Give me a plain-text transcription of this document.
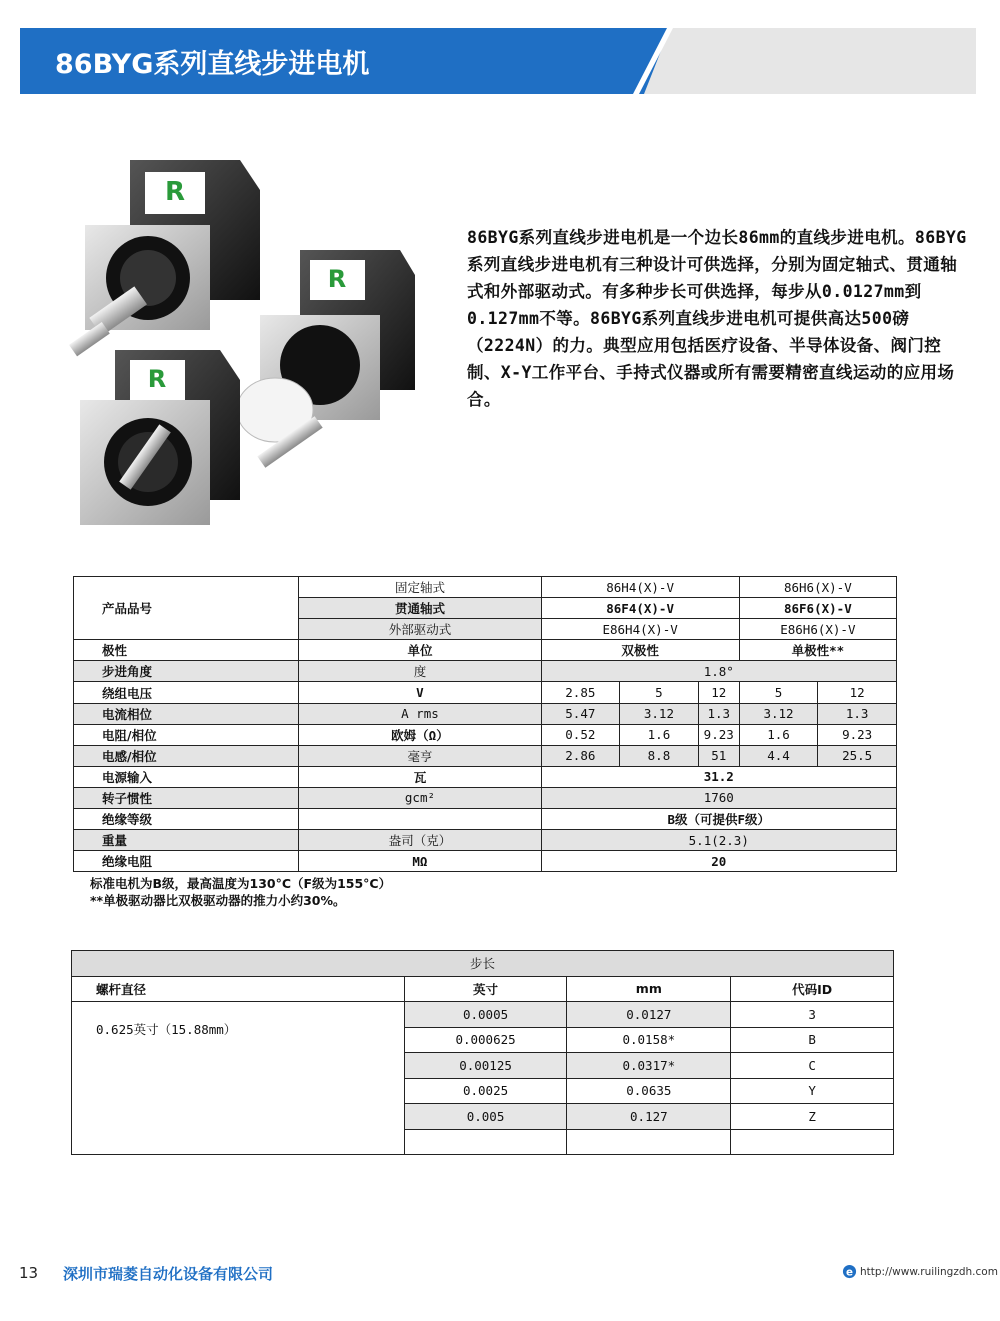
86BYG系列直线步进电机
R
R
R
86BYG系列直线步进电机是一个边长86mm的直线步进电机。86BYG系列直线步进电机有三种设计可供选择，分别为固定轴式、贯通轴式和外部驱动式。有多种步长可供选择，每步从0.0127mm到0.127mm不等。86BYG系列直线步进电机可提供高达500磅（2224N）的力。典型应用包括医疗设备、半导体设备、阀门控制、X-Y工作平台、手持式仪器或所有需要精密直线运动的应用场合。
产品品号	固定轴式	86H4(X)-V			86H6(X)-V	
	贯通轴式	86F4(X)-V			86F6(X)-V	
	外部驱动式	E86H4(X)-V			E86H6(X)-V	
极性	单位	双极性			单极性**	
步进角度	度	1.8°				
绕组电压	V	2.85	5	12	5	12
电流相位	A rms	5.47	3.12	1.3	3.12	1.3
电阻/相位	欧姆（Ω）	0.52	1.6	9.23	1.6	9.23
电感/相位	毫亨	2.86	8.8	51	4.4	25.5
电源输入	瓦	31.2				
转子惯性	gcm²	1760				
绝缘等级		B级（可提供F级）				
重量	盎司（克）	5.1(2.3)				
绝缘电阻	MΩ	20				
标准电机为B级，最高温度为130°C（F级为155°C）
**单极驱动器比双极驱动器的推力小约30%。
步长			
螺杆直径	英寸	mm	代码ID
0.625英寸（15.88mm）	0.0005	0.0127	3
	0.000625	0.0158*	B
	0.00125	0.0317*	C
	0.0025	0.0635	Y
	0.005	0.127	Z

13 深圳市瑞菱自动化设备有限公司	e http://www.ruilingzdh.com
